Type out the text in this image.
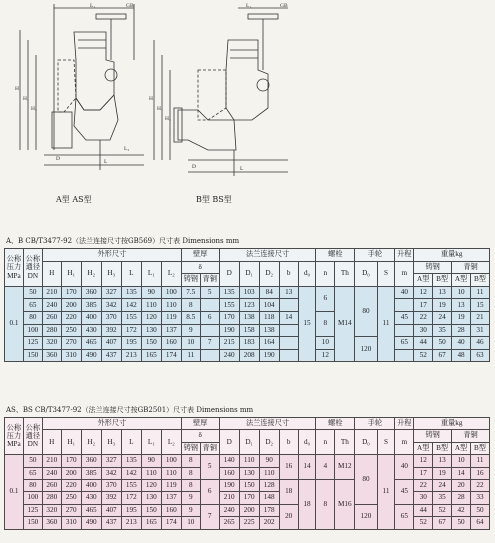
GB
L₁
H
H₁
H₂
D	L
L₂
A型 AS型
GB
L₁
H
H₁
H₂
D	L
B型 BS型
A、B CB/T3477-92（法兰连接尺寸按GB569）尺寸表 Dimensions mm
公称压力MPa	公称通径DN	外形尺寸							壁厚		法兰连接尺寸					螺栓		手轮		升程	重量kg			
		H	H₁	H₂	H₃	L	L₁	L₂	δ		D	D₁	D₂	b	d₀	n	Th	D₀	S	m	铸钢		青铜	
									铸钢	青铜											A型	B型	A型	B型
0.1	50	210	170	360	327	135	90	100	7.5	5	135	103	84	13	15	6	M14	80	11	40	12	13	10	11
	65	240	200	385	342	142	110	110	8		155	123	104								17	19	13	15
	80	260	220	400	370	155	120	119	8.5	6	170	138	118	14		8				45	22	24	19	21
	100	280	250	430	392	172	130	137	9		190	158	138								30	35	28	31
	125	320	270	465	407	195	150	160	10	7	215	183	164			10		120		65	44	50	40	46
	150	360	310	490	437	213	165	174	11		240	208	190			12					52	67	48	63
AS、BS CB/T3477-92（法兰连接尺寸按GB2501）尺寸表 Dimensions mm
公称压力MPa	公称通径DN	外形尺寸							壁厚		法兰连接尺寸					螺栓		手轮		升程	重量kg			
		H	H₁	H₂	H₃	L	L₁	L₂	δ		D	D₁	D₂	b	d₀	n	Th	D₀	S	m	铸钢		青铜	
									铸钢	青铜											A型	B型	A型	B型
0.1	50	210	170	360	327	135	90	100	8	5	140	110	90	16	14	4	M12	80	11	40	12	13	10	11
	65	240	200	385	342	142	110	110	8		160	130	110								17	19	14	16
	80	260	220	400	370	155	120	119	8	6	190	150	128	18	18	8	M16			45	22	24	20	22
	100	280	250	430	392	172	130	137	9		210	170	148								30	35	28	33
	125	320	270	465	407	195	150	160	9	7	240	200	178	20				120		65	44	52	42	50
	150	360	310	490	437	213	165	174	10		265	225	202								52	67	50	64
